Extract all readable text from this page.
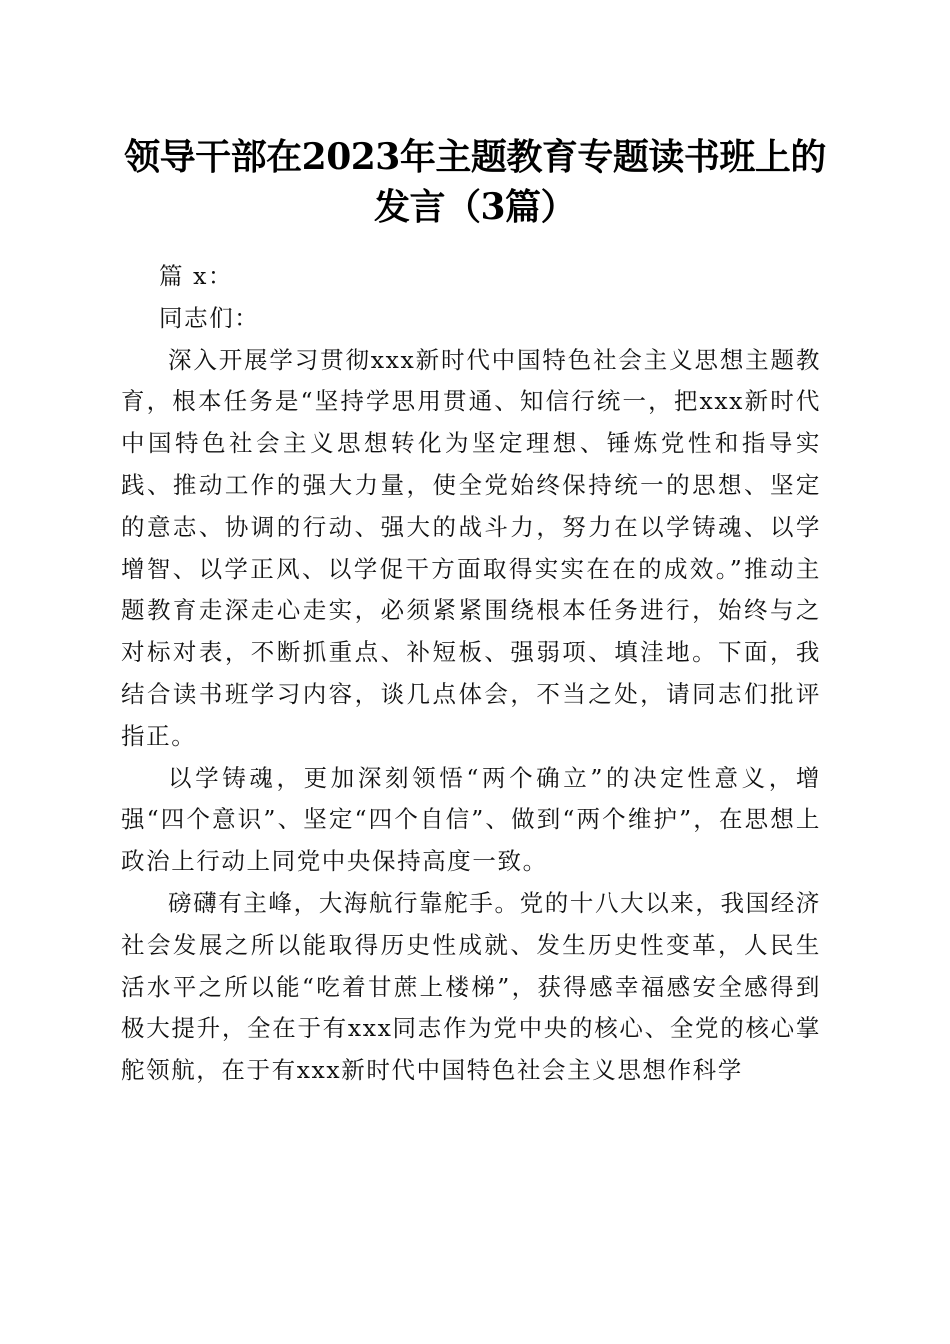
领导干部在2023年主题教育专题读书班上的
发言（3篇）

篇 x：

同志们：

深入开展学习贯彻xxx新时代中国特色社会主义思想主题教育，根本任务是“坚持学思用贯通、知信行统一，把xxx新时代中国特色社会主义思想转化为坚定理想、锤炼党性和指导实践、推动工作的强大力量，使全党始终保持统一的思想、坚定的意志、协调的行动、强大的战斗力，努力在以学铸魂、以学增智、以学正风、以学促干方面取得实实在在的成效。”推动主题教育走深走心走实，必须紧紧围绕根本任务进行，始终与之对标对表，不断抓重点、补短板、强弱项、填洼地。下面，我结合读书班学习内容，谈几点体会，不当之处，请同志们批评指正。

以学铸魂，更加深刻领悟“两个确立”的决定性意义，增强“四个意识”、坚定“四个自信”、做到“两个维护”，在思想上政治上行动上同党中央保持高度一致。

磅礴有主峰，大海航行靠舵手。党的十八大以来，我国经济社会发展之所以能取得历史性成就、发生历史性变革，人民生活水平之所以能“吃着甘蔗上楼梯”，获得感幸福感安全感得到极大提升，全在于有xxx同志作为党中央的核心、全党的核心掌舵领航，在于有xxx新时代中国特色社会主义思想作科学
